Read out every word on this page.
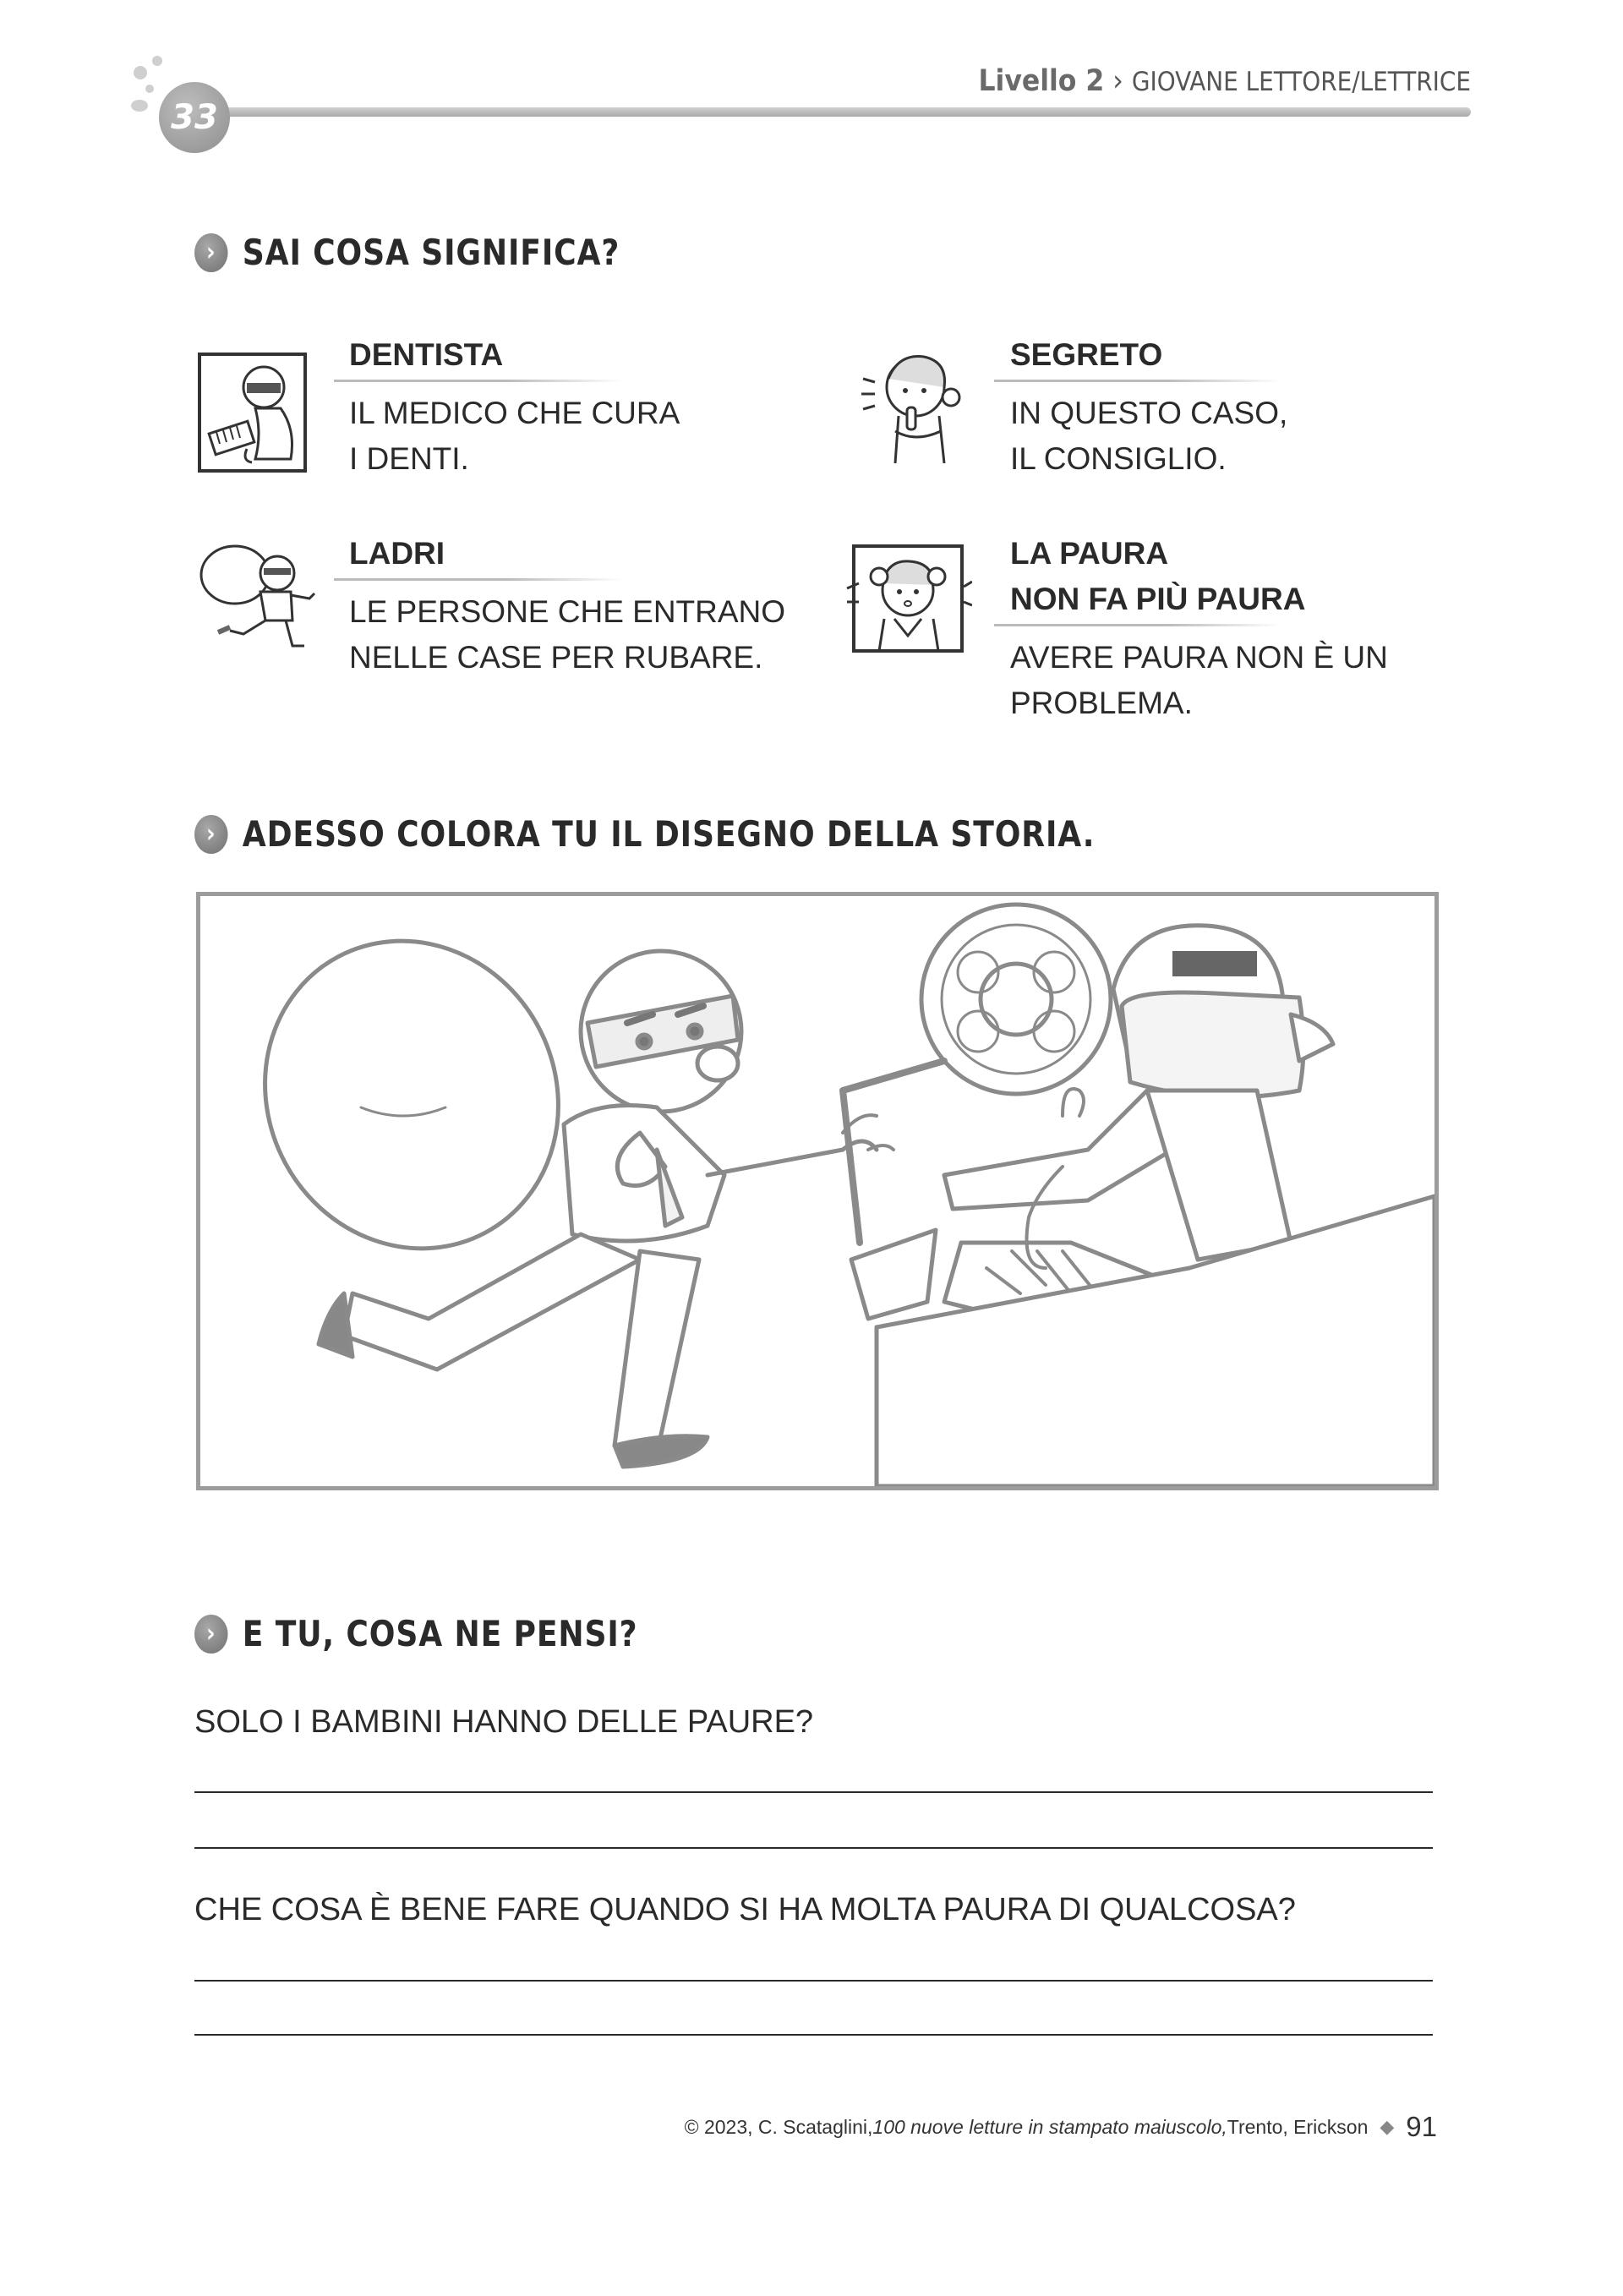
33
Livello 2 › GIOVANE LETTORE/LETTRICE
› SAI COSA SIGNIFICA?
DENTISTA
IL MEDICO CHE CURA
I DENTI.
SEGRETO
IN QUESTO CASO,
IL CONSIGLIO.
LADRI
LE PERSONE CHE ENTRANO
NELLE CASE PER RUBARE.
LA PAURA
NON FA PIÙ PAURA
AVERE PAURA NON È UN
PROBLEMA.
› ADESSO COLORA TU IL DISEGNO DELLA STORIA.
› E TU, COSA NE PENSI?
SOLO I BAMBINI HANNO DELLE PAURE?
CHE COSA È BENE FARE QUANDO SI HA MOLTA PAURA DI QUALCOSA?
© 2023, C. Scataglini, 100 nuove letture in stampato maiuscolo, Trento, Erickson ◆ 91
